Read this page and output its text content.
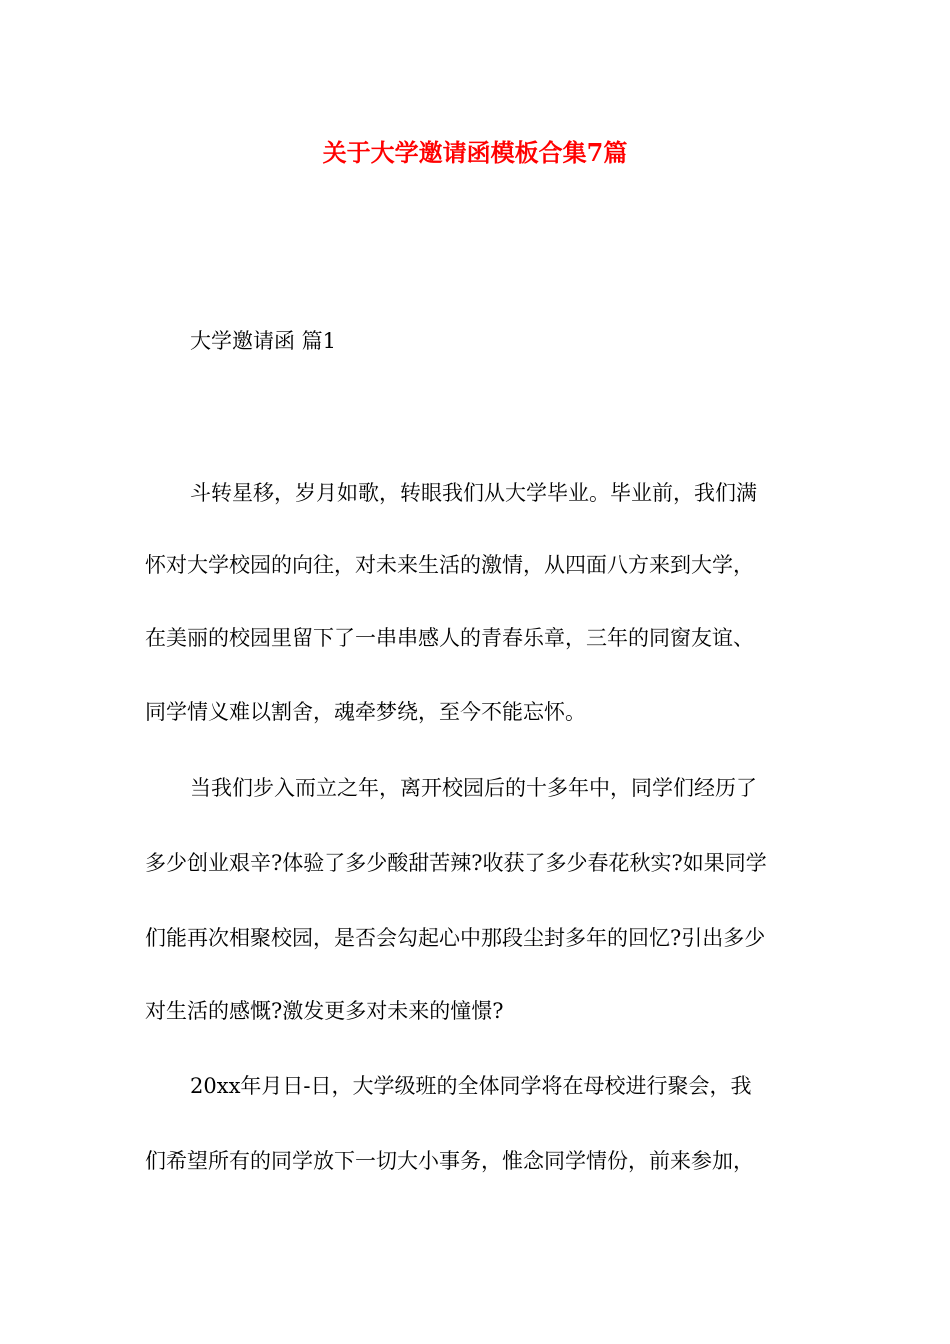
关于大学邀请函模板合集7篇
大学邀请函 篇1
斗转星移，岁月如歌，转眼我们从大学毕业。毕业前，我们满
怀对大学校园的向往，对未来生活的激情，从四面八方来到大学，
在美丽的校园里留下了一串串感人的青春乐章，三年的同窗友谊、
同学情义难以割舍，魂牵梦绕，至今不能忘怀。
当我们步入而立之年，离开校园后的十多年中，同学们经历了
多少创业艰辛?体验了多少酸甜苦辣?收获了多少春花秋实?如果同学
们能再次相聚校园，是否会勾起心中那段尘封多年的回忆?引出多少
对生活的感慨?激发更多对未来的憧憬?
20xx年月日-日，大学级班的全体同学将在母校进行聚会，我
们希望所有的同学放下一切大小事务，惟念同学情份，前来参加，
